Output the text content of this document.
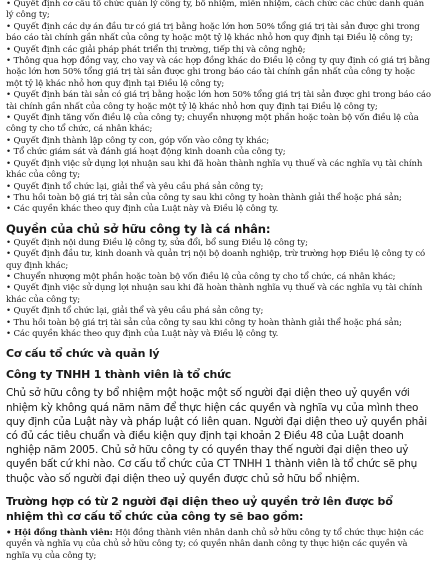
• Quyết định cơ cấu tổ chức quản lý công ty, bổ nhiệm, miễn nhiệm, cách chức các chức danh quản lý công ty;

• Quyết định các dự án đầu tư có giá trị bằng hoặc lớn hơn 50% tổng giá trị tài sản được ghi trong báo cáo tài chính gần nhất của công ty hoặc một tỷ lệ khác nhỏ hơn quy định tại Điều lệ công ty;

• Quyết định các giải pháp phát triển thị trường, tiếp thị và công nghệ;

• Thông qua hợp đồng vay, cho vay và các hợp đồng khác do Điều lệ công ty quy định có giá trị bằng hoặc lớn hơn 50% tổng giá trị tài sản được ghi trong báo cáo tài chính gần nhất của công ty hoặc một tỷ lệ khác nhỏ hơn quy định tại Điều lệ công ty;

• Quyết định bán tài sản có giá trị bằng hoặc lớn hơn 50% tổng giá trị tài sản được ghi trong báo cáo tài chính gần nhất của công ty hoặc một tỷ lệ khác nhỏ hơn quy định tại Điều lệ công ty;

• Quyết định tăng vốn điều lệ của công ty; chuyển nhượng một phần hoặc toàn bộ vốn điều lệ của công ty cho tổ chức, cá nhân khác;

• Quyết định thành lập công ty con, góp vốn vào công ty khác;

• Tổ chức giám sát và đánh giá hoạt động kinh doanh của công ty;

• Quyết định việc sử dụng lợi nhuận sau khi đã hoàn thành nghĩa vụ thuế và các nghĩa vụ tài chính khác của công ty;

• Quyết định tổ chức lại, giải thể và yêu cầu phá sản công ty;

• Thu hồi toàn bộ giá trị tài sản của công ty sau khi công ty hoàn thành giải thể hoặc phá sản;

• Các quyền khác theo quy định của Luật này và Điều lệ công ty.

Quyền của chủ sở hữu công ty là cá nhân:

• Quyết định nội dung Điều lệ công ty, sửa đổi, bổ sung Điều lệ công ty;

• Quyết định đầu tư, kinh doanh và quản trị nội bộ doanh nghiệp, trừ trường hợp Điều lệ công ty có quy định khác;

• Chuyển nhượng một phần hoặc toàn bộ vốn điều lệ của công ty cho tổ chức, cá nhân khác;

• Quyết định việc sử dụng lợi nhuận sau khi đã hoàn thành nghĩa vụ thuế và các nghĩa vụ tài chính khác của công ty;

• Quyết định tổ chức lại, giải thể và yêu cầu phá sản công ty;

• Thu hồi toàn bộ giá trị tài sản của công ty sau khi công ty hoàn thành giải thể hoặc phá sản;

• Các quyền khác theo quy định của Luật này và Điều lệ công ty.

Cơ cấu tổ chức và quản lý
Công ty TNHH 1 thành viên là tổ chức

Chủ sở hữu công ty bổ nhiệm một hoặc một số người đại diện theo uỷ quyền với nhiệm kỳ không quá năm năm để thực hiện các quyền và nghĩa vụ của mình theo quy định của Luật này và pháp luật có liên quan. Người đại diện theo uỷ quyền phải có đủ các tiêu chuẩn và điều kiện quy định tại khoản 2 Điều 48 của Luật doanh nghiệp năm 2005. Chủ sở hữu công ty có quyền thay thế người đại diện theo uỷ quyền bất cứ khi nào. Cơ cấu tổ chức của CT TNHH 1 thành viên là tổ chức sẽ phụ thuộc vào số người đại diện theo uỷ quyền được chủ sở hữu bổ nhiệm.

Trường hợp có từ 2 người đại diện theo uỷ quyền trở lên được bổ nhiệm thì cơ cấu tổ chức của công ty sẽ bao gồm:

• Hội đồng thành viên: Hội đồng thành viên nhân danh chủ sở hữu công ty tổ chức thực hiện các quyền và nghĩa vụ của chủ sở hữu công ty; có quyền nhân danh công ty thực hiện các quyền và nghĩa vụ của công ty;
